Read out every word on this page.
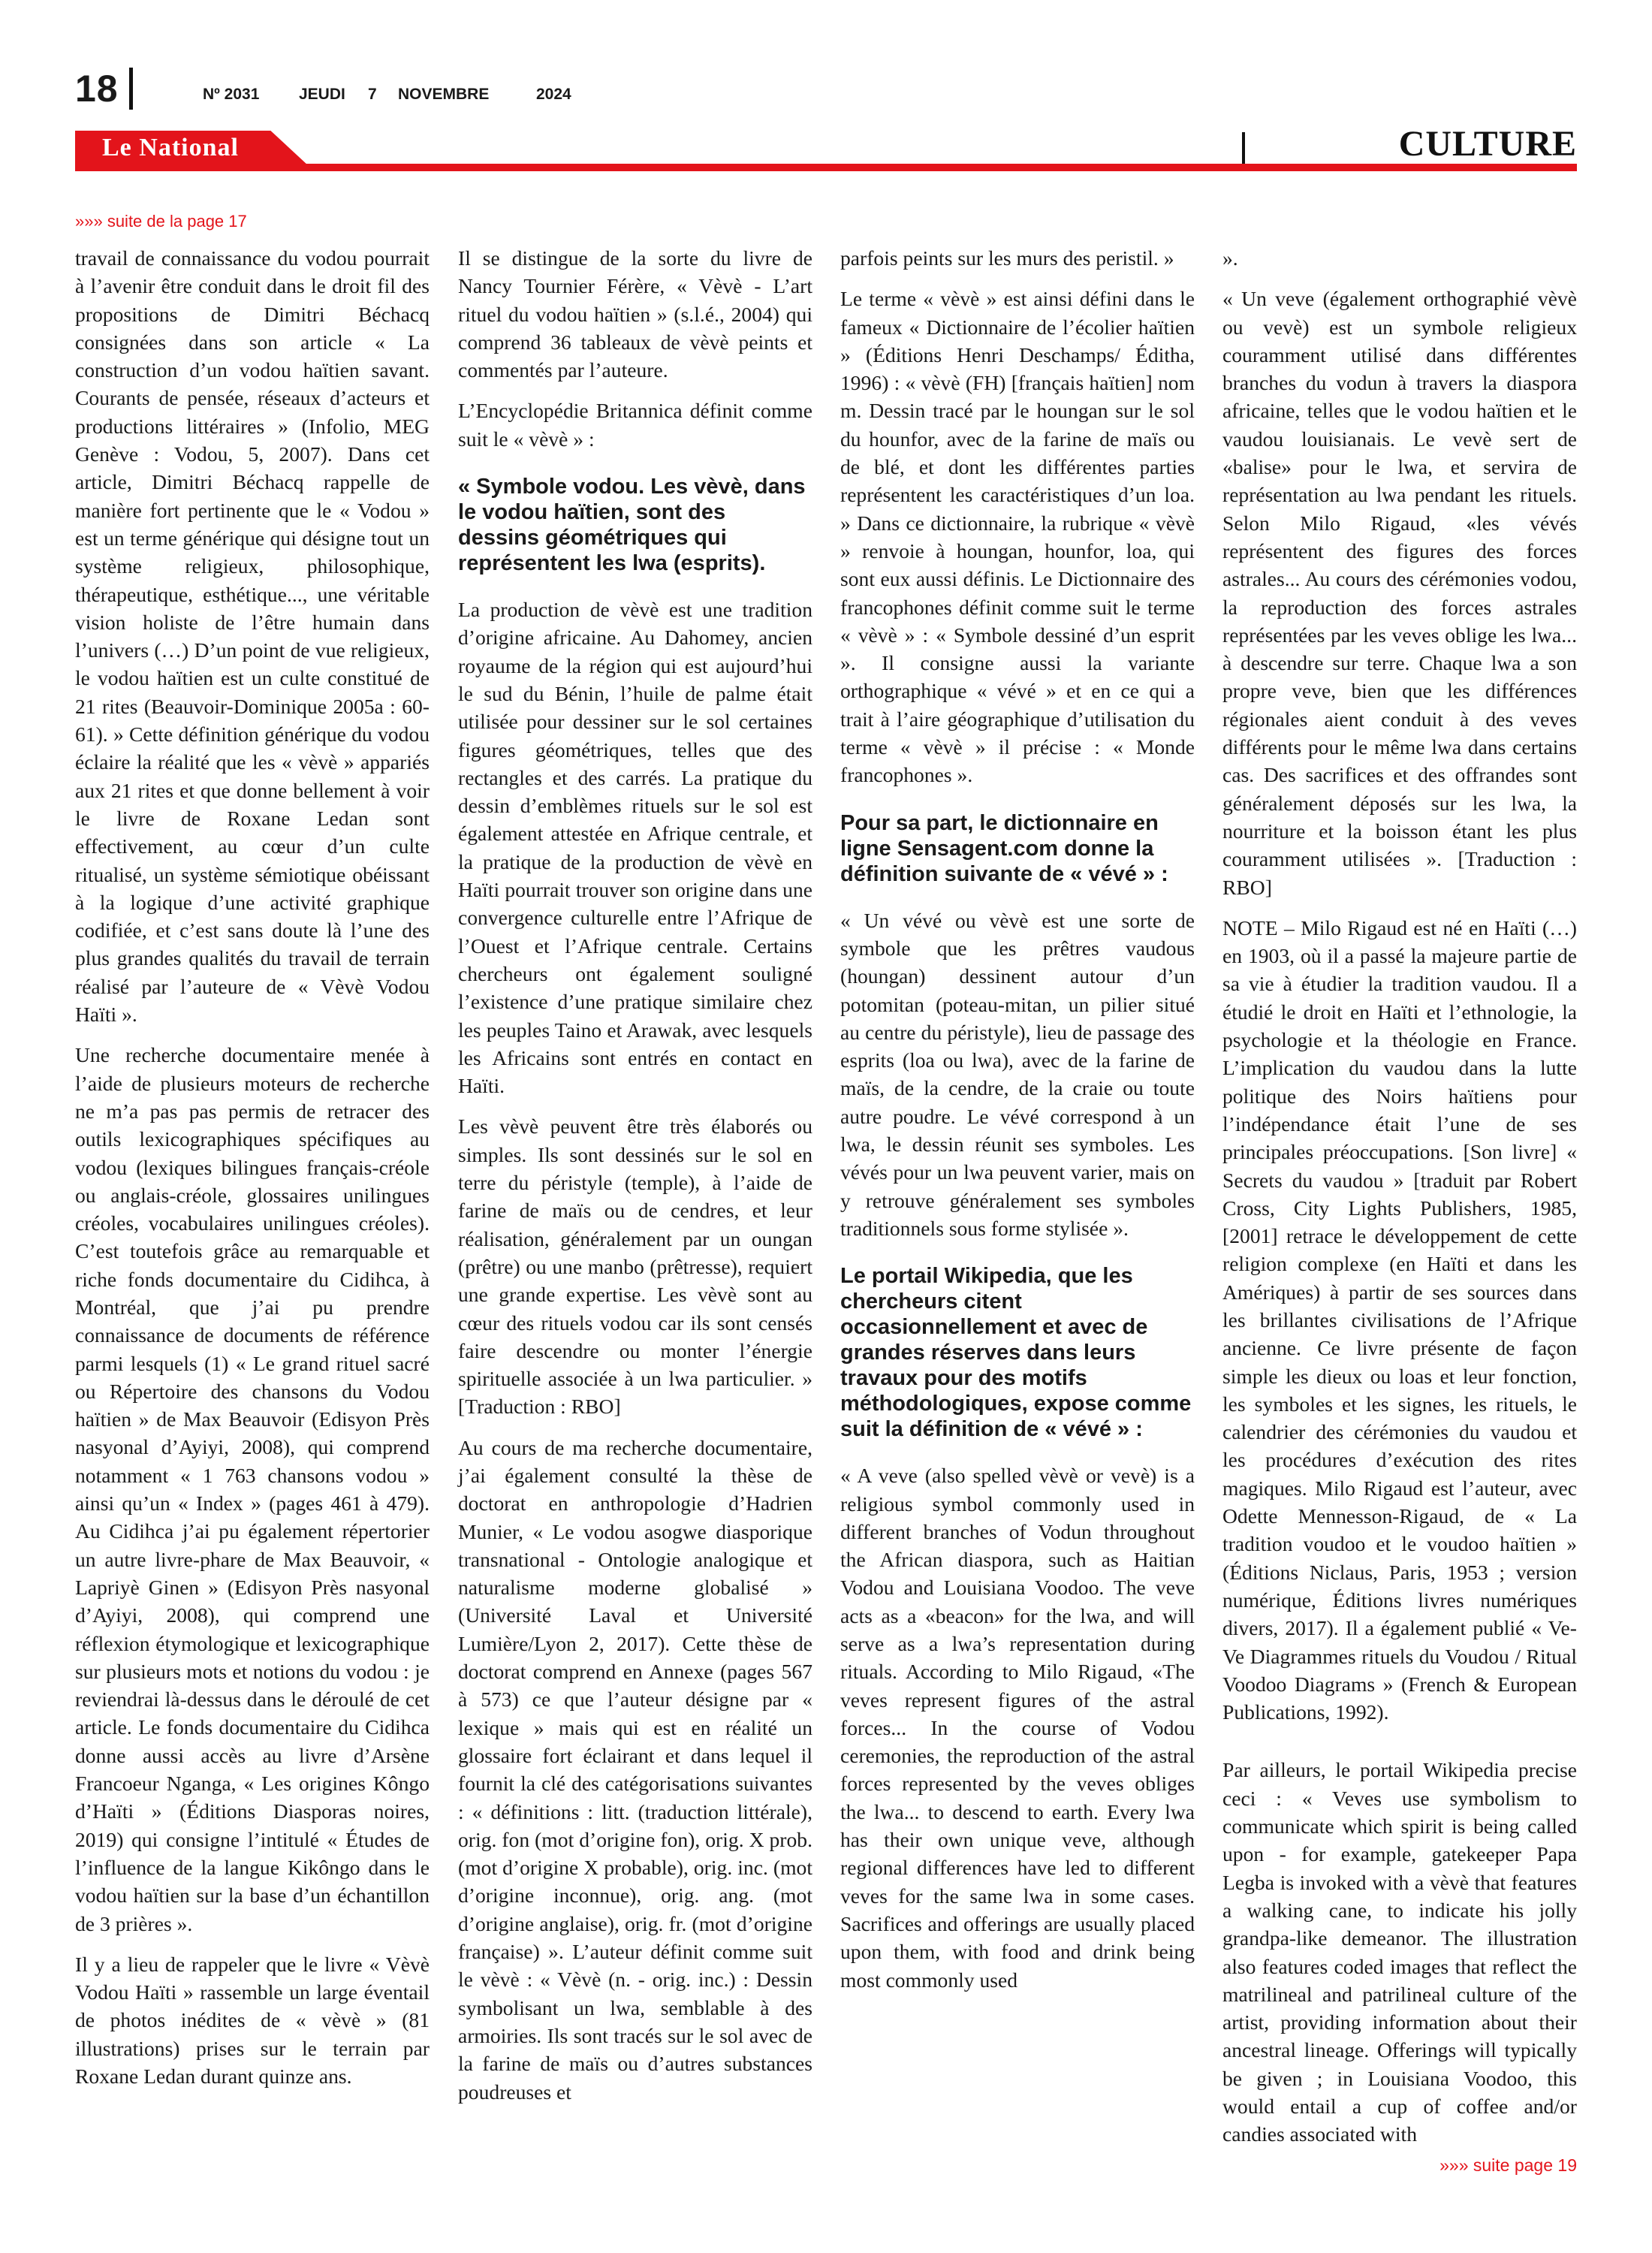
18	Nº 2031	JEUDI 7 NOVEMBRE	2024
Le National	CULTURE
»»» suite de la page 17

travail de connaissance du vodou pourrait à l’avenir être conduit dans le droit fil des propositions de Dimitri Béchacq consignées dans son article « La construction d’un vodou haïtien savant. Courants de pensée, réseaux d’acteurs et productions littéraires » (Infolio, MEG Genève : Vodou, 5, 2007). Dans cet article, Dimitri Béchacq rappelle de manière fort pertinente que le « Vodou » est un terme générique qui désigne tout un système religieux, philosophique, thérapeutique, esthétique..., une véritable vision holiste de l’être humain dans l’univers (…) D’un point de vue religieux, le vodou haïtien est un culte constitué de 21 rites (Beauvoir-Dominique 2005a : 60-61). » Cette définition générique du vodou éclaire la réalité que les « vèvè » appariés aux 21 rites et que donne bellement à voir le livre de Roxane Ledan sont effectivement, au cœur d’un culte ritualisé, un système sémiotique obéissant à la logique d’une activité graphique codifiée, et c’est sans doute là l’une des plus grandes qualités du travail de terrain réalisé par l’auteure de « Vèvè Vodou Haïti ».

Une recherche documentaire menée à l’aide de plusieurs moteurs de recherche ne m’a pas pas permis de retracer des outils lexicographiques spécifiques au vodou (lexiques bilingues français-créole ou anglais-créole, glossaires unilingues créoles, vocabulaires unilingues créoles). C’est toutefois grâce au remarquable et riche fonds documentaire du Cidihca, à Montréal, que j’ai pu prendre connaissance de documents de référence parmi lesquels (1) « Le grand rituel sacré ou Répertoire des chansons du Vodou haïtien » de Max Beauvoir (Edisyon Près nasyonal d’Ayiyi, 2008), qui comprend notamment « 1 763 chansons vodou » ainsi qu’un « Index » (pages 461 à 479). Au Cidihca j’ai pu également répertorier un autre livre-phare de Max Beauvoir, « Lapriyè Ginen » (Edisyon Près nasyonal d’Ayiyi, 2008), qui comprend une réflexion étymologique et lexicographique sur plusieurs mots et notions du vodou : je reviendrai là-dessus dans le déroulé de cet article. Le fonds documentaire du Cidihca donne aussi accès au livre d’Arsène Francoeur Nganga, « Les origines Kôngo d’Haïti » (Éditions Diasporas noires, 2019) qui consigne l’intitulé « Études de l’influence de la langue Kikôngo dans le vodou haïtien sur la base d’un échantillon de 3 prières ».

Il y a lieu de rappeler que le livre « Vèvè Vodou Haïti » rassemble un large éventail de photos inédites de « vèvè » (81 illustrations) prises sur le terrain par Roxane Ledan durant quinze ans.

Il se distingue de la sorte du livre de Nancy Tournier Férère, « Vèvè - L’art rituel du vodou haïtien » (s.l.é., 2004) qui comprend 36 tableaux de vèvè peints et commentés par l’auteure.

L’Encyclopédie Britannica définit comme suit le « vèvè » :

« Symbole vodou. Les vèvè, dans le vodou haïtien, sont des dessins géométriques qui représentent les lwa (esprits).

La production de vèvè est une tradition d’origine africaine. Au Dahomey, ancien royaume de la région qui est aujourd’hui le sud du Bénin, l’huile de palme était utilisée pour dessiner sur le sol certaines figures géométriques, telles que des rectangles et des carrés. La pratique du dessin d’emblèmes rituels sur le sol est également attestée en Afrique centrale, et la pratique de la production de vèvè en Haïti pourrait trouver son origine dans une convergence culturelle entre l’Afrique de l’Ouest et l’Afrique centrale. Certains chercheurs ont également souligné l’existence d’une pratique similaire chez les peuples Taino et Arawak, avec lesquels les Africains sont entrés en contact en Haïti.

Les vèvè peuvent être très élaborés ou simples. Ils sont dessinés sur le sol en terre du péristyle (temple), à l’aide de farine de maïs ou de cendres, et leur réalisation, généralement par un oungan (prêtre) ou une manbo (prêtresse), requiert une grande expertise. Les vèvè sont au cœur des rituels vodou car ils sont censés faire descendre ou monter l’énergie spirituelle associée à un lwa particulier. » [Traduction : RBO]

Au cours de ma recherche documentaire, j’ai également consulté la thèse de doctorat en anthropologie d’Hadrien Munier, « Le vodou asogwe diasporique transnational - Ontologie analogique et naturalisme moderne globalisé » (Université Laval et Université Lumière/Lyon 2, 2017). Cette thèse de doctorat comprend en Annexe (pages 567 à 573) ce que l’auteur désigne par « lexique » mais qui est en réalité un glossaire fort éclairant et dans lequel il fournit la clé des catégorisations suivantes : « définitions : litt. (traduction littérale), orig. fon (mot d’origine fon), orig. X prob. (mot d’origine X probable), orig. inc. (mot d’origine inconnue), orig. ang. (mot d’origine anglaise), orig. fr. (mot d’origine française) ». L’auteur définit comme suit le vèvè : « Vèvè (n. - orig. inc.) : Dessin symbolisant un lwa, semblable à des armoiries. Ils sont tracés sur le sol avec de la farine de maïs ou d’autres substances poudreuses et

parfois peints sur les murs des peristil. »

Le terme « vèvè » est ainsi défini dans le fameux « Dictionnaire de l’écolier haïtien » (Éditions Henri Deschamps/ Éditha, 1996) : « vèvè (FH) [français haïtien] nom m. Dessin tracé par le houngan sur le sol du hounfor, avec de la farine de maïs ou de blé, et dont les différentes parties représentent les caractéristiques d’un loa. » Dans ce dictionnaire, la rubrique « vèvè » renvoie à houngan, hounfor, loa, qui sont eux aussi définis. Le Dictionnaire des francophones définit comme suit le terme « vèvè » : « Symbole dessiné d’un esprit ». Il consigne aussi la variante orthographique « vévé » et en ce qui a trait à l’aire géographique d’utilisation du terme « vèvè » il précise : « Monde francophones ».

Pour sa part, le dictionnaire en ligne Sensagent.com donne la définition suivante de « vévé » :

« Un vévé ou vèvè est une sorte de symbole que les prêtres vaudous (houngan) dessinent autour d’un potomitan (poteau-mitan, un pilier situé au centre du péristyle), lieu de passage des esprits (loa ou lwa), avec de la farine de maïs, de la cendre, de la craie ou toute autre poudre. Le vévé correspond à un lwa, le dessin réunit ses symboles. Les vévés pour un lwa peuvent varier, mais on y retrouve généralement ses symboles traditionnels sous forme stylisée ».

Le portail Wikipedia, que les chercheurs citent occasionnellement et avec de grandes réserves dans leurs travaux pour des motifs méthodologiques, expose comme suit la définition de « vévé » :

« A veve (also spelled vèvè or vevè) is a religious symbol commonly used in different branches of Vodun throughout the African diaspora, such as Haitian Vodou and Louisiana Voodoo. The veve acts as a «beacon» for the lwa, and will serve as a lwa’s representation during rituals. According to Milo Rigaud, «The veves represent figures of the astral forces... In the course of Vodou ceremonies, the reproduction of the astral forces represented by the veves obliges the lwa... to descend to earth. Every lwa has their own unique veve, although regional differences have led to different veves for the same lwa in some cases. Sacrifices and offerings are usually placed upon them, with food and drink being most commonly used

».

« Un veve (également orthographié vèvè ou vevè) est un symbole religieux couramment utilisé dans différentes branches du vodun à travers la diaspora africaine, telles que le vodou haïtien et le vaudou louisianais. Le vevè sert de «balise» pour le lwa, et servira de représentation au lwa pendant les rituels. Selon Milo Rigaud, «les vévés représentent des figures des forces astrales... Au cours des cérémonies vodou, la reproduction des forces astrales représentées par les veves oblige les lwa... à descendre sur terre. Chaque lwa a son propre veve, bien que les différences régionales aient conduit à des veves différents pour le même lwa dans certains cas. Des sacrifices et des offrandes sont généralement déposés sur les lwa, la nourriture et la boisson étant les plus couramment utilisées ». [Traduction : RBO]

NOTE – Milo Rigaud est né en Haïti (…) en 1903, où il a passé la majeure partie de sa vie à étudier la tradition vaudou. Il a étudié le droit en Haïti et l’ethnologie, la psychologie et la théologie en France. L’implication du vaudou dans la lutte politique des Noirs haïtiens pour l’indépendance était l’une de ses principales préoccupations. [Son livre] « Secrets du vaudou » [traduit par Robert Cross, City Lights Publishers, 1985, [2001] retrace le développement de cette religion complexe (en Haïti et dans les Amériques) à partir de ses sources dans les brillantes civilisations de l’Afrique ancienne. Ce livre présente de façon simple les dieux ou loas et leur fonction, les symboles et les signes, les rituels, le calendrier des cérémonies du vaudou et les procédures d’exécution des rites magiques. Milo Rigaud est l’auteur, avec Odette Mennesson-Rigaud, de « La tradition voudoo et le voudoo haïtien » (Éditions Niclaus, Paris, 1953 ; version numérique, Éditions livres numériques divers, 2017). Il a également publié « Ve-Ve Diagrammes rituels du Voudou / Ritual Voodoo Diagrams » (French & European Publications, 1992).

Par ailleurs, le portail Wikipedia precise ceci : « Veves use symbolism to communicate which spirit is being called upon - for example, gatekeeper Papa Legba is invoked with a vèvè that features a walking cane, to indicate his jolly grandpa-like demeanor. The illustration also features coded images that reflect the matrilineal and patrilineal culture of the artist, providing information about their ancestral lineage. Offerings will typically be given ; in Louisiana Voodoo, this would entail a cup of coffee and/or candies associated with

»»» suite page 19
